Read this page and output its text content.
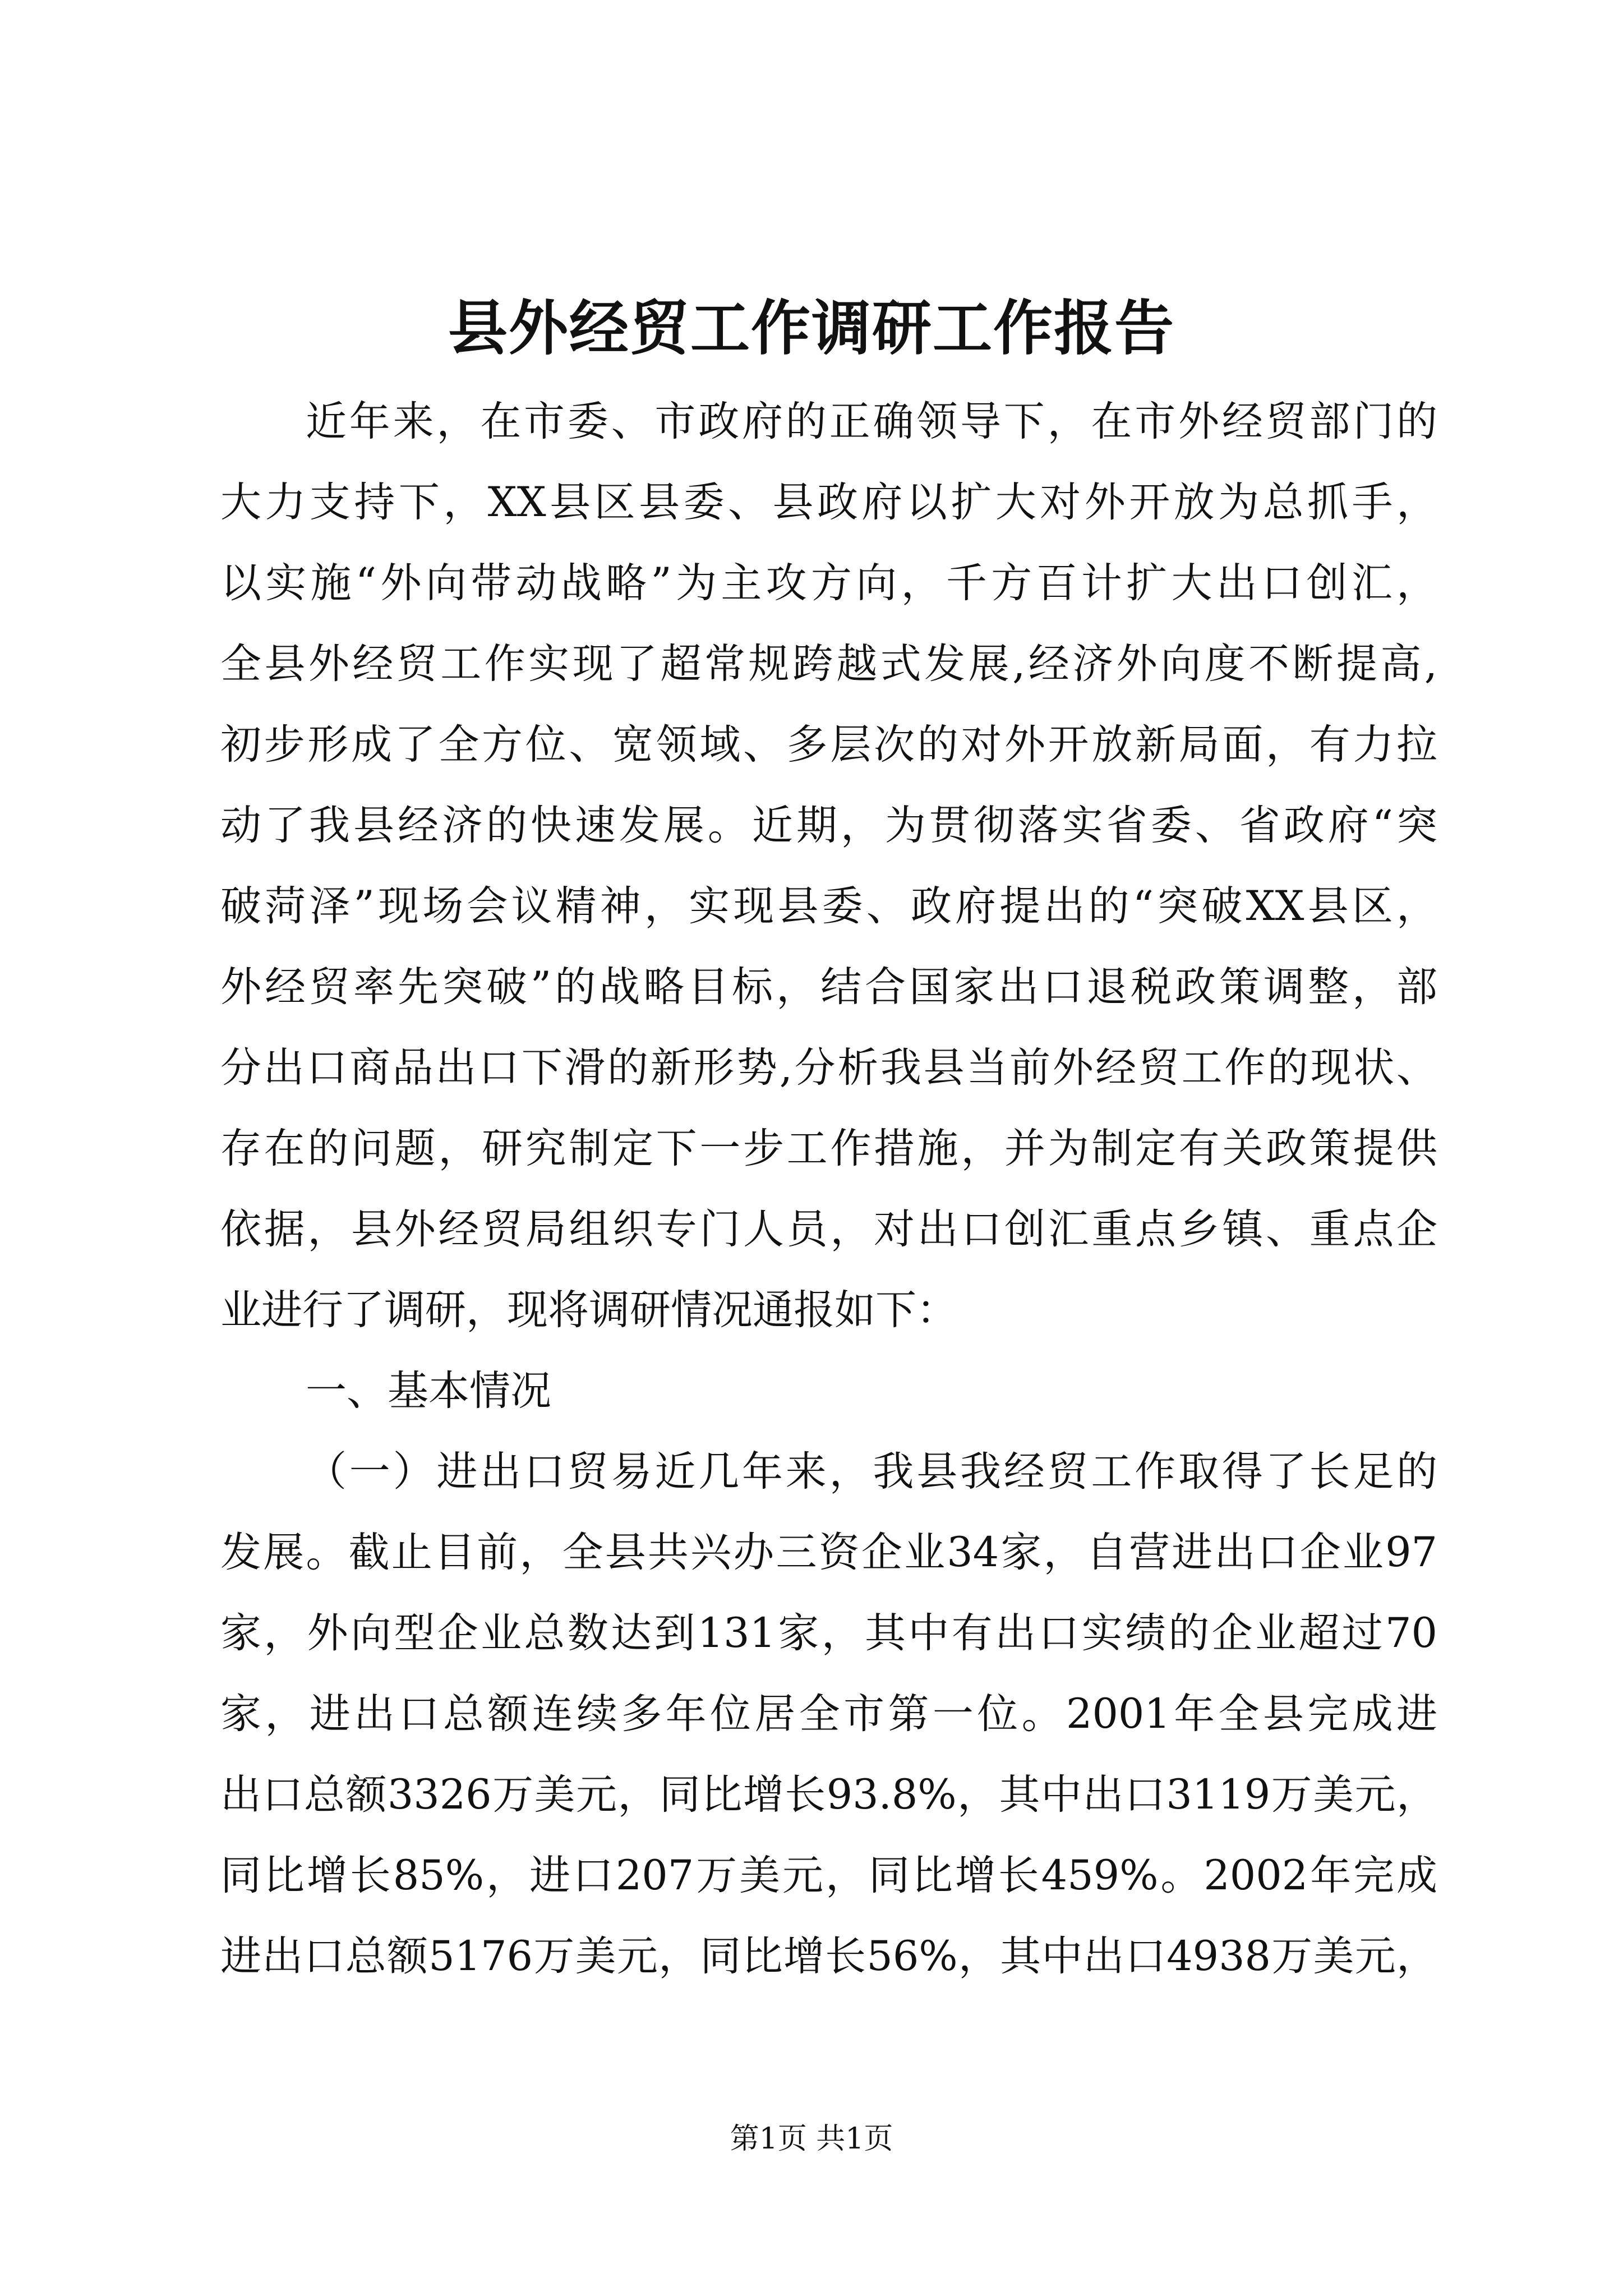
县外经贸工作调研工作报告
近年来，在市委、市政府的正确领导下，在市外经贸部门的
大力支持下，XX县区县委、县政府以扩大对外开放为总抓手，
以实施“外向带动战略”为主攻方向，千方百计扩大出口创汇，
全县外经贸工作实现了超常规跨越式发展,经济外向度不断提高,
初步形成了全方位、宽领域、多层次的对外开放新局面，有力拉
动了我县经济的快速发展。近期，为贯彻落实省委、省政府“突
破菏泽”现场会议精神，实现县委、政府提出的“突破XX县区，
外经贸率先突破”的战略目标，结合国家出口退税政策调整，部
分出口商品出口下滑的新形势,分析我县当前外经贸工作的现状、
存在的问题，研究制定下一步工作措施，并为制定有关政策提供
依据，县外经贸局组织专门人员，对出口创汇重点乡镇、重点企
业进行了调研，现将调研情况通报如下：
一、基本情况
（一）进出口贸易近几年来，我县我经贸工作取得了长足的
发展。截止目前，全县共兴办三资企业34家，自营进出口企业97
家，外向型企业总数达到131家，其中有出口实绩的企业超过70
家，进出口总额连续多年位居全市第一位。2001年全县完成进
出口总额3326万美元，同比增长93.8%，其中出口3119万美元，
同比增长85%，进口207万美元，同比增长459%。2002年完成
进出口总额5176万美元，同比增长56%，其中出口4938万美元，
第1页 共1页
